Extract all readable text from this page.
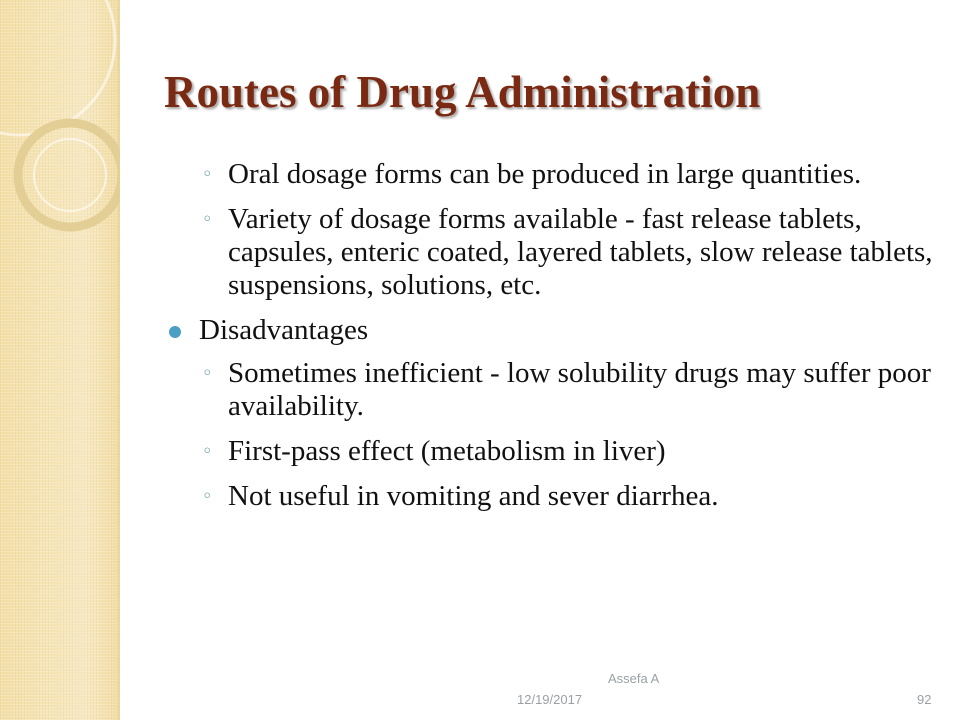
Routes of Drug Administration
◦ Oral dosage forms can be produced in large quantities.
◦ Variety of dosage forms available - fast release tablets, capsules, enteric coated, layered tablets, slow release tablets, suspensions, solutions, etc.
Disadvantages
◦ Sometimes inefficient - low solubility drugs may suffer poor availability.
◦ First-pass effect (metabolism in liver)
◦ Not useful in vomiting and sever diarrhea.
Assefa A
12/19/2017	92
